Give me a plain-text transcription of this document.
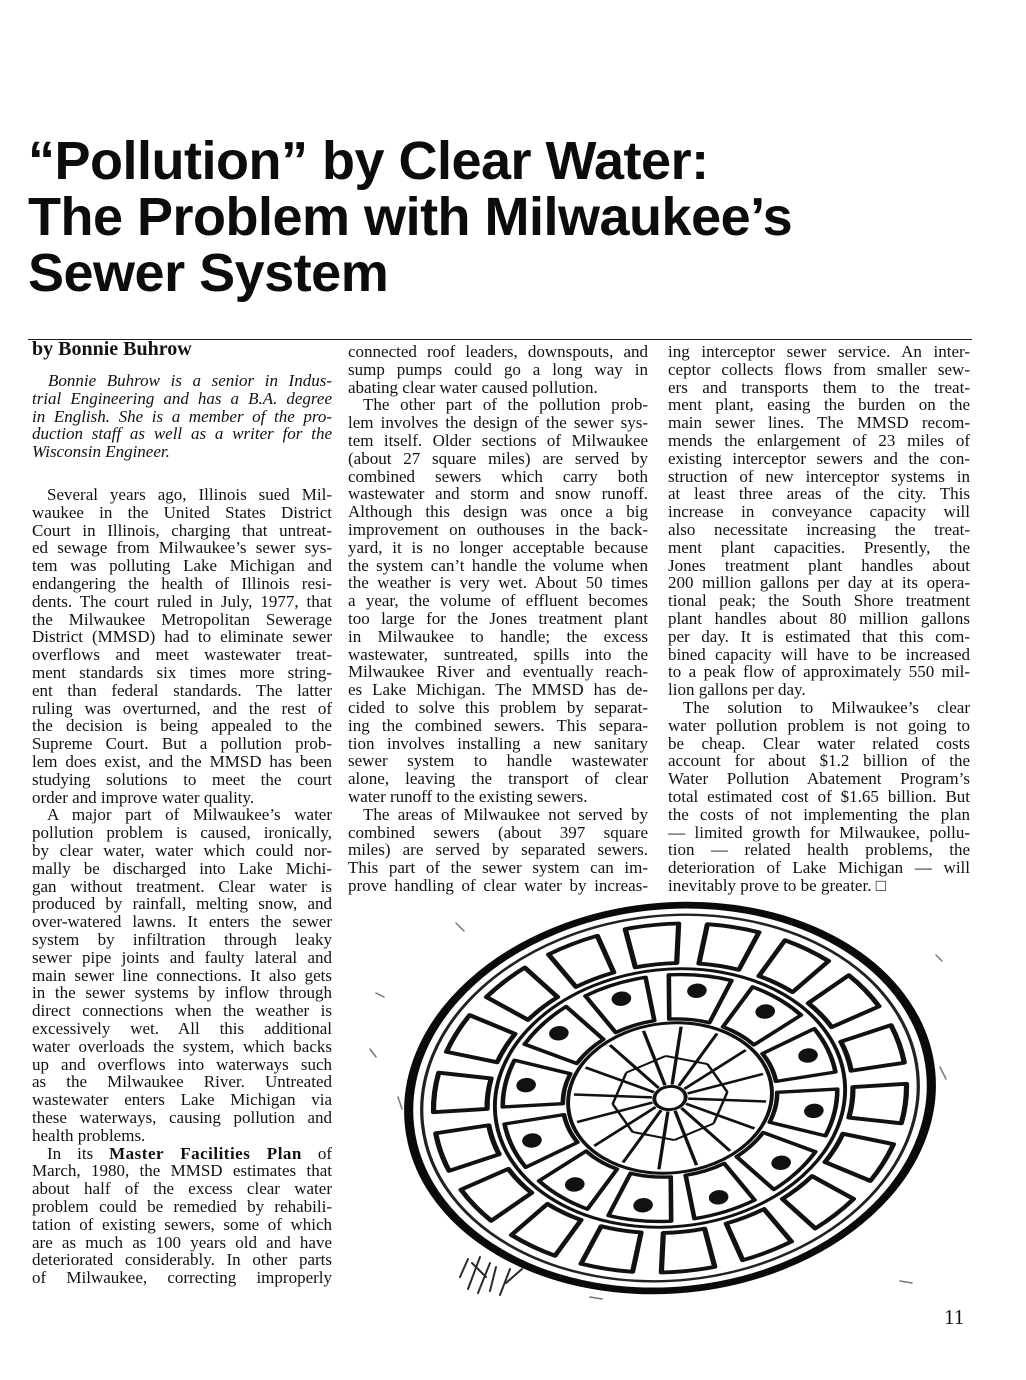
“Pollution” by Clear Water:
The Problem with Milwaukee’s
Sewer System
by Bonnie Buhrow
Bonnie Buhrow is a senior in Indus-
trial Engineering and has a B.A. degree
in English. She is a member of the pro-
duction staff as well as a writer for the
Wisconsin Engineer.
Several years ago, Illinois sued Mil-
waukee in the United States District
Court in Illinois, charging that untreat-
ed sewage from Milwaukee’s sewer sys-
tem was polluting Lake Michigan and
endangering the health of Illinois resi-
dents. The court ruled in July, 1977, that
the Milwaukee Metropolitan Sewerage
District (MMSD) had to eliminate sewer
overflows and meet wastewater treat-
ment standards six times more string-
ent than federal standards. The latter
ruling was overturned, and the rest of
the decision is being appealed to the
Supreme Court. But a pollution prob-
lem does exist, and the MMSD has been
studying solutions to meet the court
order and improve water quality.
A major part of Milwaukee’s water
pollution problem is caused, ironically,
by clear water, water which could nor-
mally be discharged into Lake Michi-
gan without treatment. Clear water is
produced by rainfall, melting snow, and
over-watered lawns. It enters the sewer
system by infiltration through leaky
sewer pipe joints and faulty lateral and
main sewer line connections. It also gets
in the sewer systems by inflow through
direct connections when the weather is
excessively wet. All this additional
water overloads the system, which backs
up and overflows into waterways such
as the Milwaukee River. Untreated
wastewater enters Lake Michigan via
these waterways, causing pollution and
health problems.
In its Master Facilities Plan of
March, 1980, the MMSD estimates that
about half of the excess clear water
problem could be remedied by rehabili-
tation of existing sewers, some of which
are as much as 100 years old and have
deteriorated considerably. In other parts
of Milwaukee, correcting improperly
connected roof leaders, downspouts, and
sump pumps could go a long way in
abating clear water caused pollution.
The other part of the pollution prob-
lem involves the design of the sewer sys-
tem itself. Older sections of Milwaukee
(about 27 square miles) are served by
combined sewers which carry both
wastewater and storm and snow runoff.
Although this design was once a big
improvement on outhouses in the back-
yard, it is no longer acceptable because
the system can’t handle the volume when
the weather is very wet. About 50 times
a year, the volume of effluent becomes
too large for the Jones treatment plant
in Milwaukee to handle; the excess
wastewater, suntreated, spills into the
Milwaukee River and eventually reach-
es Lake Michigan. The MMSD has de-
cided to solve this problem by separat-
ing the combined sewers. This separa-
tion involves installing a new sanitary
sewer system to handle wastewater
alone, leaving the transport of clear
water runoff to the existing sewers.
The areas of Milwaukee not served by
combined sewers (about 397 square
miles) are served by separated sewers.
This part of the sewer system can im-
prove handling of clear water by increas-
ing interceptor sewer service. An inter-
ceptor collects flows from smaller sew-
ers and transports them to the treat-
ment plant, easing the burden on the
main sewer lines. The MMSD recom-
mends the enlargement of 23 miles of
existing interceptor sewers and the con-
struction of new interceptor systems in
at least three areas of the city. This
increase in conveyance capacity will
also necessitate increasing the treat-
ment plant capacities. Presently, the
Jones treatment plant handles about
200 million gallons per day at its opera-
tional peak; the South Shore treatment
plant handles about 80 million gallons
per day. It is estimated that this com-
bined capacity will have to be increased
to a peak flow of approximately 550 mil-
lion gallons per day.
The solution to Milwaukee’s clear
water pollution problem is not going to
be cheap. Clear water related costs
account for about $1.2 billion of the
Water Pollution Abatement Program’s
total estimated cost of $1.65 billion. But
the costs of not implementing the plan
— limited growth for Milwaukee, pollu-
tion — related health problems, the
deterioration of Lake Michigan — will
inevitably prove to be greater. □
11
